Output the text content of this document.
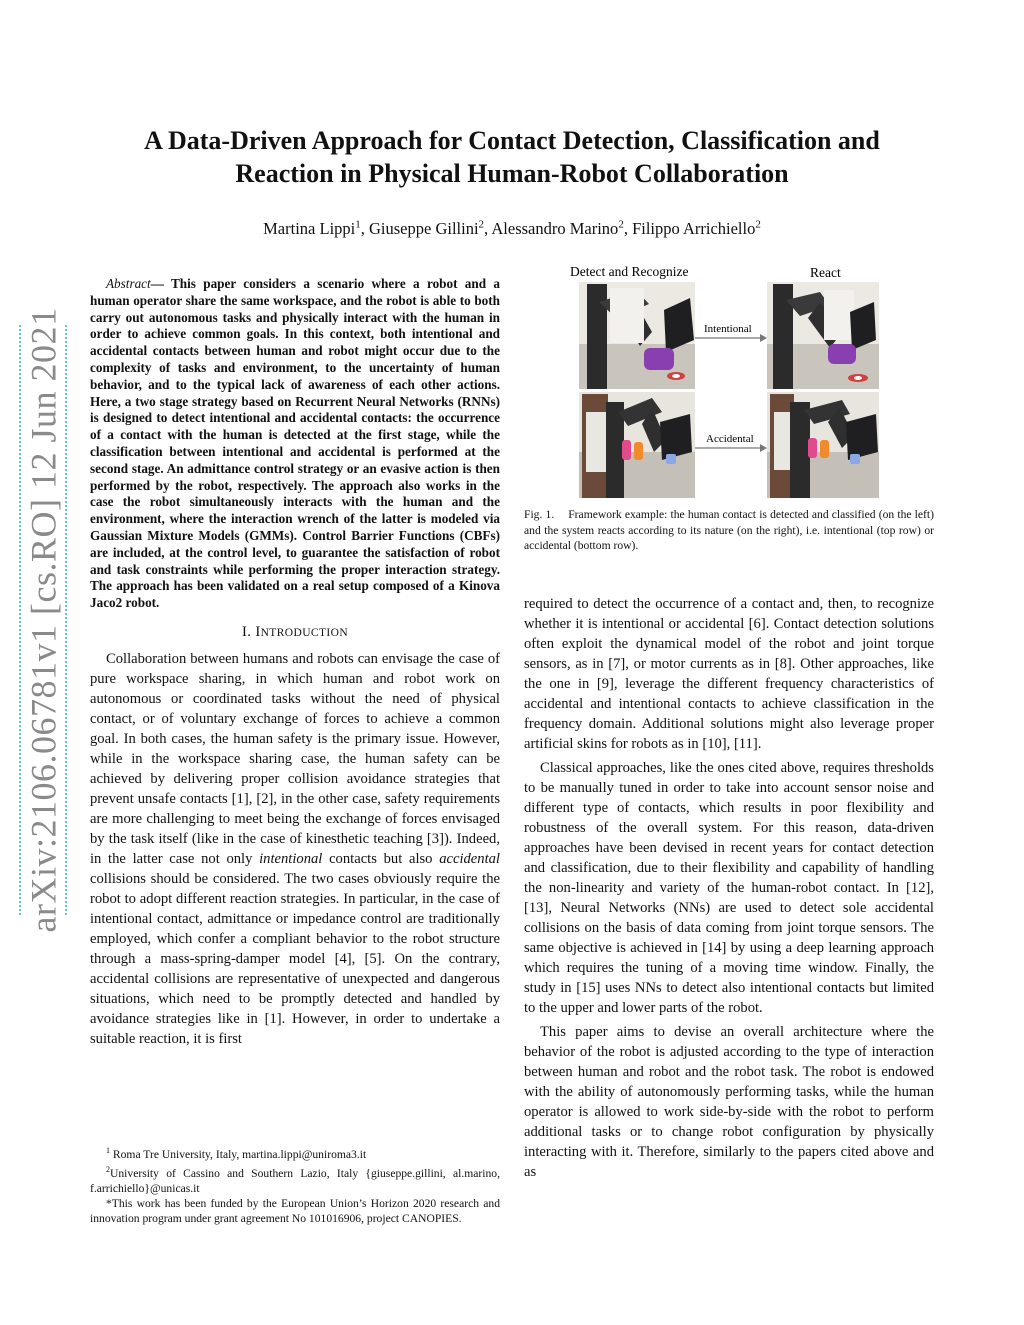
arXiv:2106.06781v1 [cs.RO] 12 Jun 2021
A Data-Driven Approach for Contact Detection, Classification and
Reaction in Physical Human-Robot Collaboration
Martina Lippi$^1$, Giuseppe Gillini$^2$, Alessandro Marino$^2$, Filippo Arrichiello$^2$

Abstract— This paper considers a scenario where a robot and a human operator share the same workspace, and the robot is able to both carry out autonomous tasks and physically interact with the human in order to achieve common goals. In this context, both intentional and accidental contacts between human and robot might occur due to the complexity of tasks and environment, to the uncertainty of human behavior, and to the typical lack of awareness of each other actions. Here, a two stage strategy based on Recurrent Neural Networks (RNNs) is designed to detect intentional and accidental contacts: the occurrence of a contact with the human is detected at the first stage, while the classification between intentional and accidental is performed at the second stage. An admittance control strategy or an evasive action is then performed by the robot, respectively. The approach also works in the case the robot simultaneously interacts with the human and the environment, where the interaction wrench of the latter is modeled via Gaussian Mixture Models (GMMs). Control Barrier Functions (CBFs) are included, at the control level, to guarantee the satisfaction of robot and task constraints while performing the proper interaction strategy. The approach has been validated on a real setup composed of a Kinova Jaco2 robot.

I. INTRODUCTION

Collaboration between humans and robots can envisage the case of pure workspace sharing, in which human and robot work on autonomous or coordinated tasks without the need of physical contact, or of voluntary exchange of forces to achieve a common goal. In both cases, the human safety is the primary issue. However, while in the workspace sharing case, the human safety can be achieved by delivering proper collision avoidance strategies that prevent unsafe contacts [1], [2], in the other case, safety requirements are more challenging to meet being the exchange of forces envisaged by the task itself (like in the case of kinesthetic teaching [3]). Indeed, in the latter case not only intentional contacts but also accidental collisions should be considered. The two cases obviously require the robot to adopt different reaction strategies. In particular, in the case of intentional contact, admittance or impedance control are traditionally employed, which confer a compliant behavior to the robot structure through a mass-spring-damper model [4], [5]. On the contrary, accidental collisions are representative of unexpected and dangerous situations, which need to be promptly detected and handled by avoidance strategies like in [1]. However, in order to undertake a suitable reaction, it is first

$^1$ Roma Tre University, Italy, martina.lippi@uniroma3.it

$^2$University of Cassino and Southern Lazio, Italy {giuseppe.gillini, al.marino, f.arrichiello}@unicas.it

*This work has been funded by the European Union’s Horizon 2020 research and innovation program under grant agreement No 101016906, project CANOPIES.

Detect and Recognize	React
Intentional
Accidental
Fig. 1. Framework example: the human contact is detected and classified (on the left) and the system reacts according to its nature (on the right), i.e. intentional (top row) or accidental (bottom row).

required to detect the occurrence of a contact and, then, to recognize whether it is intentional or accidental [6]. Contact detection solutions often exploit the dynamical model of the robot and joint torque sensors, as in [7], or motor currents as in [8]. Other approaches, like the one in [9], leverage the different frequency characteristics of accidental and intentional contacts to achieve classification in the frequency domain. Additional solutions might also leverage proper artificial skins for robots as in [10], [11].

Classical approaches, like the ones cited above, requires thresholds to be manually tuned in order to take into account sensor noise and different type of contacts, which results in poor flexibility and robustness of the overall system. For this reason, data-driven approaches have been devised in recent years for contact detection and classification, due to their flexibility and capability of handling the non-linearity and variety of the human-robot contact. In [12], [13], Neural Networks (NNs) are used to detect sole accidental collisions on the basis of data coming from joint torque sensors. The same objective is achieved in [14] by using a deep learning approach which requires the tuning of a moving time window. Finally, the study in [15] uses NNs to detect also intentional contacts but limited to the upper and lower parts of the robot.

This paper aims to devise an overall architecture where the behavior of the robot is adjusted according to the type of interaction between human and robot and the robot task. The robot is endowed with the ability of autonomously performing tasks, while the human operator is allowed to work side-by-side with the robot to perform additional tasks or to change robot configuration by physically interacting with it. Therefore, similarly to the papers cited above and as
